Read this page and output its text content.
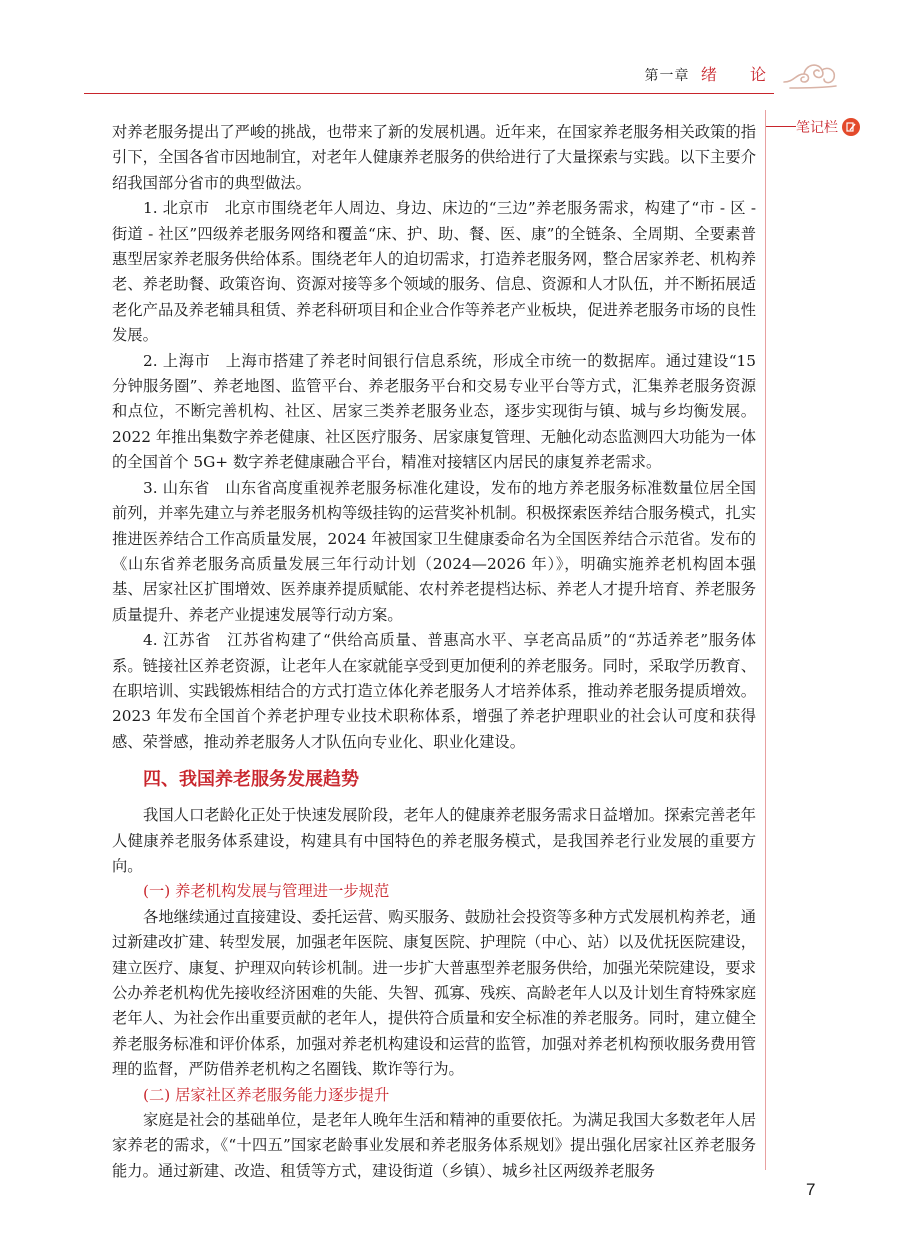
第一章 绪 论
笔记栏

对养老服务提出了严峻的挑战，也带来了新的发展机遇。近年来，在国家养老服务相关政策的指引下，全国各省市因地制宜，对老年人健康养老服务的供给进行了大量探索与实践。以下主要介绍我国部分省市的典型做法。

1. 北京市　北京市围绕老年人周边、身边、床边的“三边”养老服务需求，构建了“市 - 区 - 街道 - 社区”四级养老服务网络和覆盖“床、护、助、餐、医、康”的全链条、全周期、全要素普惠型居家养老服务供给体系。围绕老年人的迫切需求，打造养老服务网，整合居家养老、机构养老、养老助餐、政策咨询、资源对接等多个领域的服务、信息、资源和人才队伍，并不断拓展适老化产品及养老辅具租赁、养老科研项目和企业合作等养老产业板块，促进养老服务市场的良性发展。

2. 上海市　上海市搭建了养老时间银行信息系统，形成全市统一的数据库。通过建设“15 分钟服务圈”、养老地图、监管平台、养老服务平台和交易专业平台等方式，汇集养老服务资源和点位，不断完善机构、社区、居家三类养老服务业态，逐步实现街与镇、城与乡均衡发展。2022 年推出集数字养老健康、社区医疗服务、居家康复管理、无触化动态监测四大功能为一体的全国首个 5G+ 数字养老健康融合平台，精准对接辖区内居民的康复养老需求。

3. 山东省　山东省高度重视养老服务标准化建设，发布的地方养老服务标准数量位居全国前列，并率先建立与养老服务机构等级挂钩的运营奖补机制。积极探索医养结合服务模式，扎实推进医养结合工作高质量发展，2024 年被国家卫生健康委命名为全国医养结合示范省。发布的《山东省养老服务高质量发展三年行动计划（2024—2026 年）》，明确实施养老机构固本强基、居家社区扩围增效、医养康养提质赋能、农村养老提档达标、养老人才提升培育、养老服务质量提升、养老产业提速发展等行动方案。

4. 江苏省　江苏省构建了“供给高质量、普惠高水平、享老高品质”的“苏适养老”服务体系。链接社区养老资源，让老年人在家就能享受到更加便利的养老服务。同时，采取学历教育、在职培训、实践锻炼相结合的方式打造立体化养老服务人才培养体系，推动养老服务提质增效。2023 年发布全国首个养老护理专业技术职称体系，增强了养老护理职业的社会认可度和获得感、荣誉感，推动养老服务人才队伍向专业化、职业化建设。

四、我国养老服务发展趋势

我国人口老龄化正处于快速发展阶段，老年人的健康养老服务需求日益增加。探索完善老年人健康养老服务体系建设，构建具有中国特色的养老服务模式，是我国养老行业发展的重要方向。

(一) 养老机构发展与管理进一步规范

各地继续通过直接建设、委托运营、购买服务、鼓励社会投资等多种方式发展机构养老，通过新建改扩建、转型发展，加强老年医院、康复医院、护理院（中心、站）以及优抚医院建设，建立医疗、康复、护理双向转诊机制。进一步扩大普惠型养老服务供给，加强光荣院建设，要求公办养老机构优先接收经济困难的失能、失智、孤寡、残疾、高龄老年人以及计划生育特殊家庭老年人、为社会作出重要贡献的老年人，提供符合质量和安全标准的养老服务。同时，建立健全养老服务标准和评价体系，加强对养老机构建设和运营的监管，加强对养老机构预收服务费用管理的监督，严防借养老机构之名圈钱、欺诈等行为。

(二) 居家社区养老服务能力逐步提升

家庭是社会的基础单位，是老年人晚年生活和精神的重要依托。为满足我国大多数老年人居家养老的需求，《“十四五”国家老龄事业发展和养老服务体系规划》提出强化居家社区养老服务能力。通过新建、改造、租赁等方式，建设街道（乡镇）、城乡社区两级养老服务

7
